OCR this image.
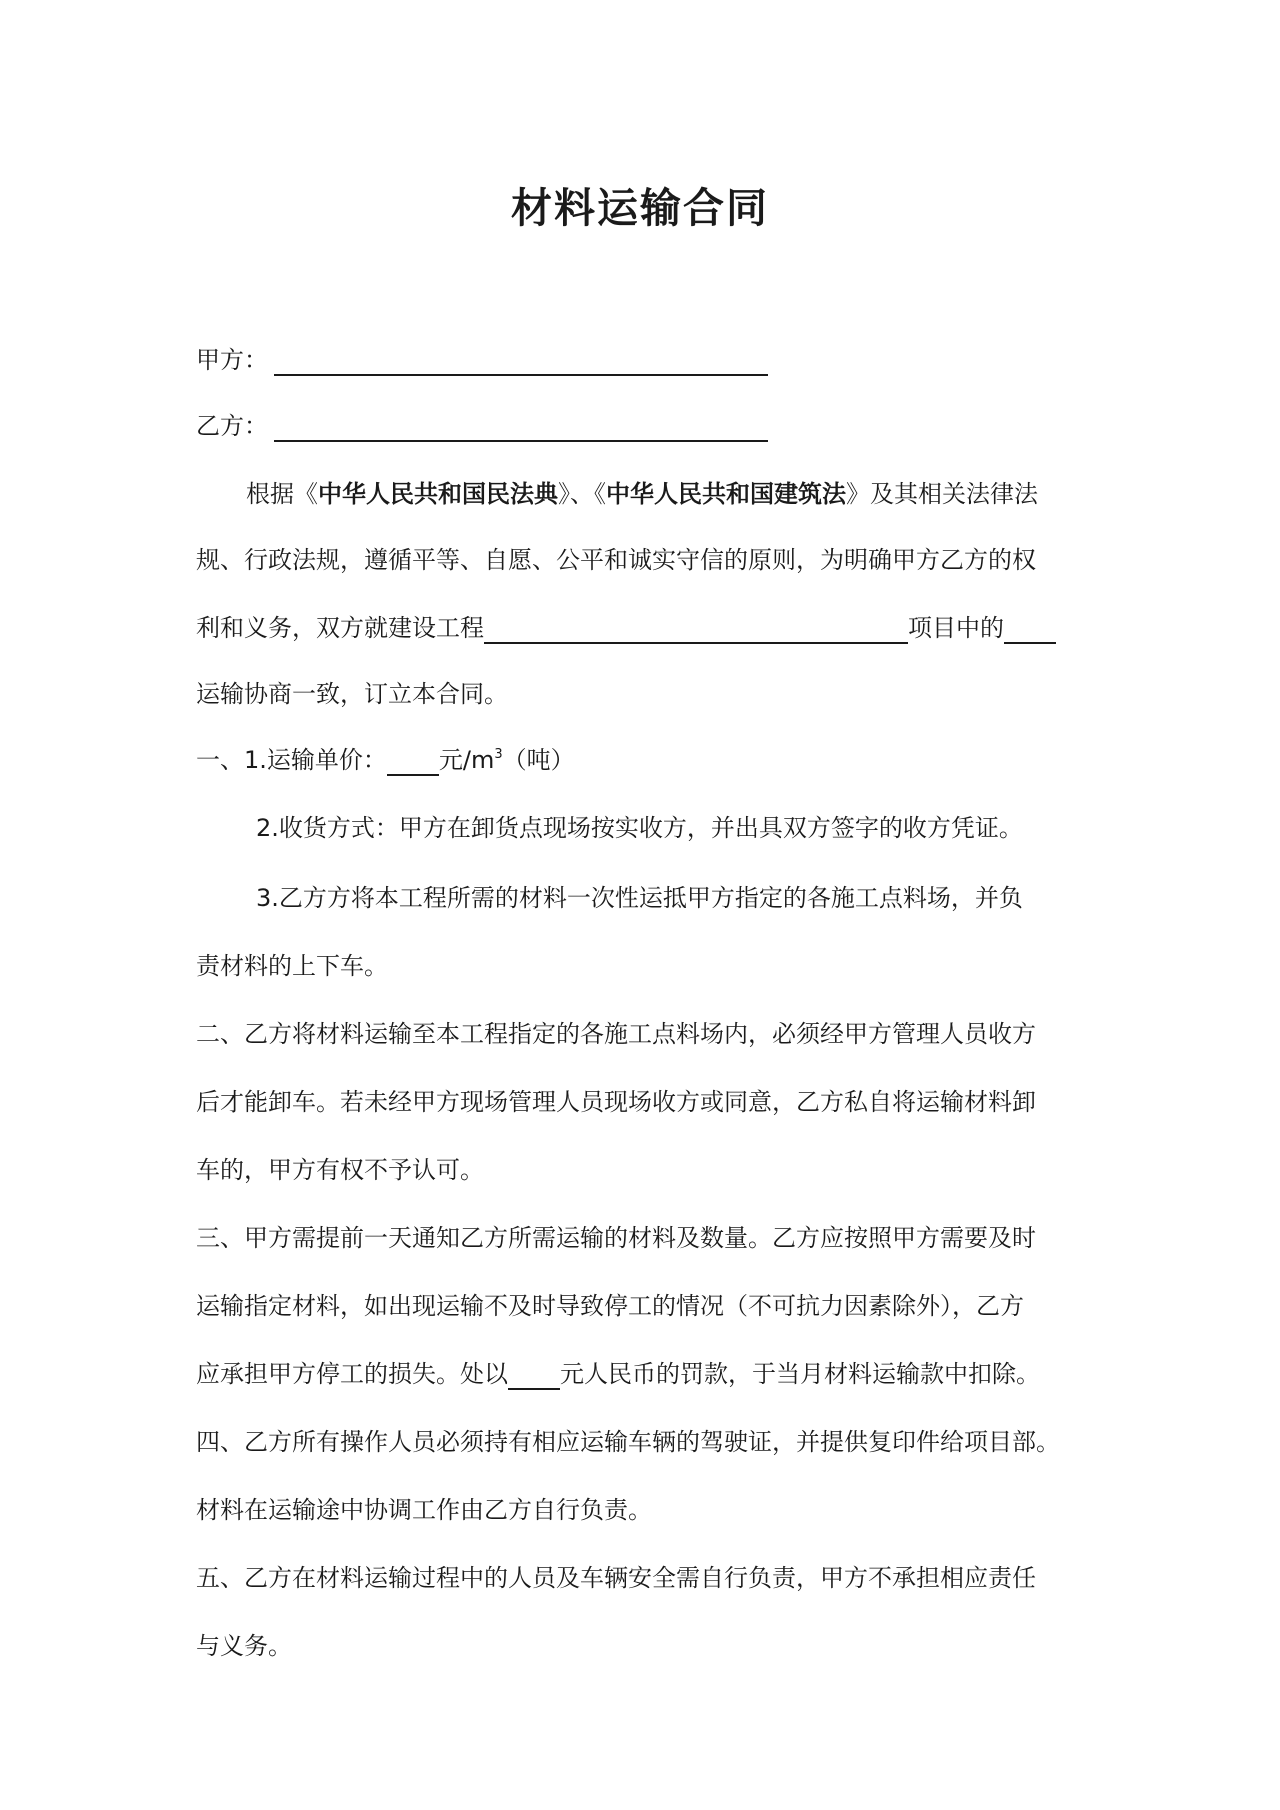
材料运输合同
甲方：
乙方：
根据《中华人民共和国民法典》、《中华人民共和国建筑法》及其相关法律法
规、行政法规，遵循平等、自愿、公平和诚实守信的原则，为明确甲方乙方的权
利和义务，双方就建设工程	项目中的
运输协商一致，订立本合同。
一、1.运输单价： 元$/m^3$（吨）
2.收货方式：甲方在卸货点现场按实收方，并出具双方签字的收方凭证。
3.乙方方将本工程所需的材料一次性运抵甲方指定的各施工点料场，并负
责材料的上下车。
二、乙方将材料运输至本工程指定的各施工点料场内，必须经甲方管理人员收方
后才能卸车。若未经甲方现场管理人员现场收方或同意，乙方私自将运输材料卸
车的，甲方有权不予认可。
三、甲方需提前一天通知乙方所需运输的材料及数量。乙方应按照甲方需要及时
运输指定材料，如出现运输不及时导致停工的情况（不可抗力因素除外），乙方
应承担甲方停工的损失。处以 元人民币的罚款，于当月材料运输款中扣除。
四、乙方所有操作人员必须持有相应运输车辆的驾驶证，并提供复印件给项目部。
材料在运输途中协调工作由乙方自行负责。
五、乙方在材料运输过程中的人员及车辆安全需自行负责，甲方不承担相应责任
与义务。
